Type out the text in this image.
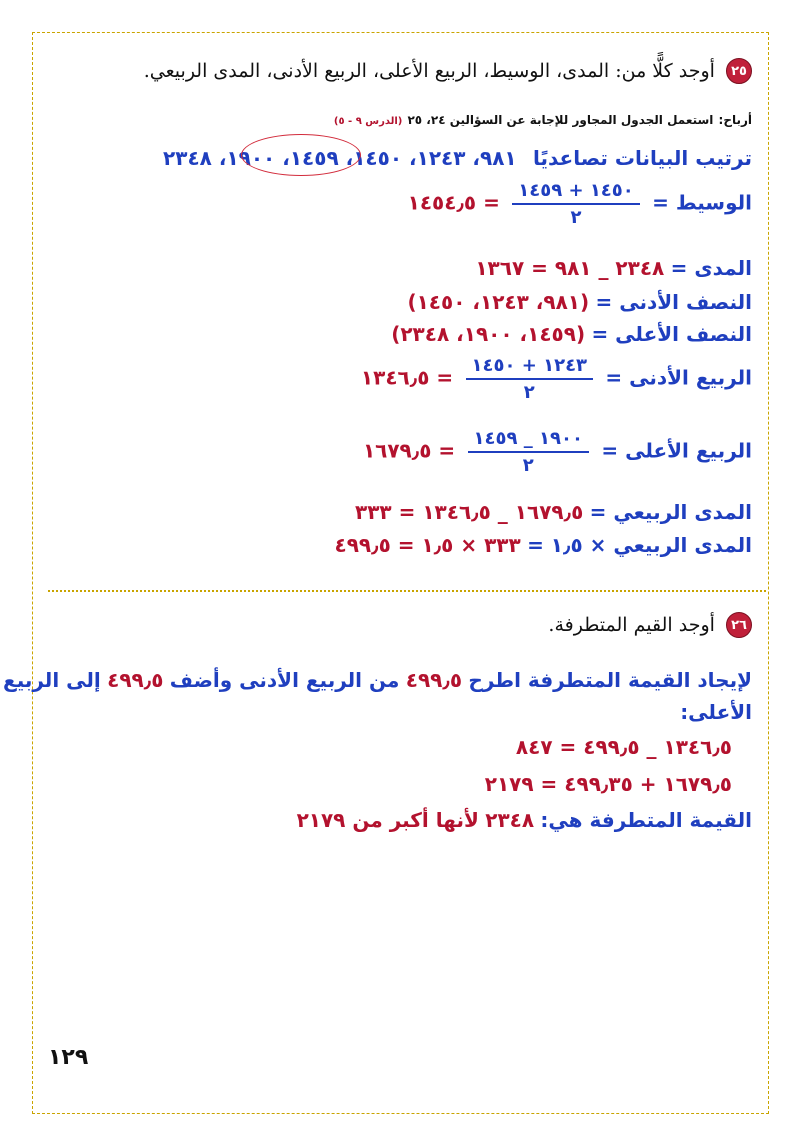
٢٥ أوجد كلًّا من: المدى، الوسيط، الربيع الأعلى، الربيع الأدنى، المدى الربيعي.
أرباح: استعمل الجدول المجاور للإجابة عن السؤالين ٢٤، ٢٥ (الدرس ٩ - ٥)
ترتيب البيانات تصاعديًا ٩٨١، ١٢٤٣، ١٤٥٠، ١٤٥٩، ١٩٠٠، ٢٣٤٨
الوسيط =
$\frac{١٤٥٠ + ١٤٥٩}{٢}$
= ١٤٥٤٫٥
المدى = ٢٣٤٨ _ ٩٨١ = ١٣٦٧
النصف الأدنى = (٩٨١، ١٢٤٣، ١٤٥٠)
النصف الأعلى = (١٤٥٩، ١٩٠٠، ٢٣٤٨)
الربيع الأدنى =
$\frac{١٢٤٣ + ١٤٥٠}{٢}$
= ١٣٤٦٫٥
الربيع الأعلى =
$\frac{١٩٠٠ \_ ١٤٥٩}{٢}$
= ١٦٧٩٫٥
المدى الربيعي = ١٦٧٩٫٥ _ ١٣٤٦٫٥ = ٣٣٣
المدى الربيعي × ١٫٥ = ٣٣٣ × ١٫٥ = ٤٩٩٫٥
٢٦ أوجد القيم المتطرفة.
لإيجاد القيمة المتطرفة اطرح ٤٩٩٫٥ من الربيع الأدنى وأضف ٤٩٩٫٥ إلى الربيع
الأعلى:
١٣٤٦٫٥ _ ٤٩٩٫٥ = ٨٤٧
١٦٧٩٫٥ + ٤٩٩٫٣٥ = ٢١٧٩
القيمة المتطرفة هي: ٢٣٤٨ لأنها أكبر من ٢١٧٩
١٢٩
